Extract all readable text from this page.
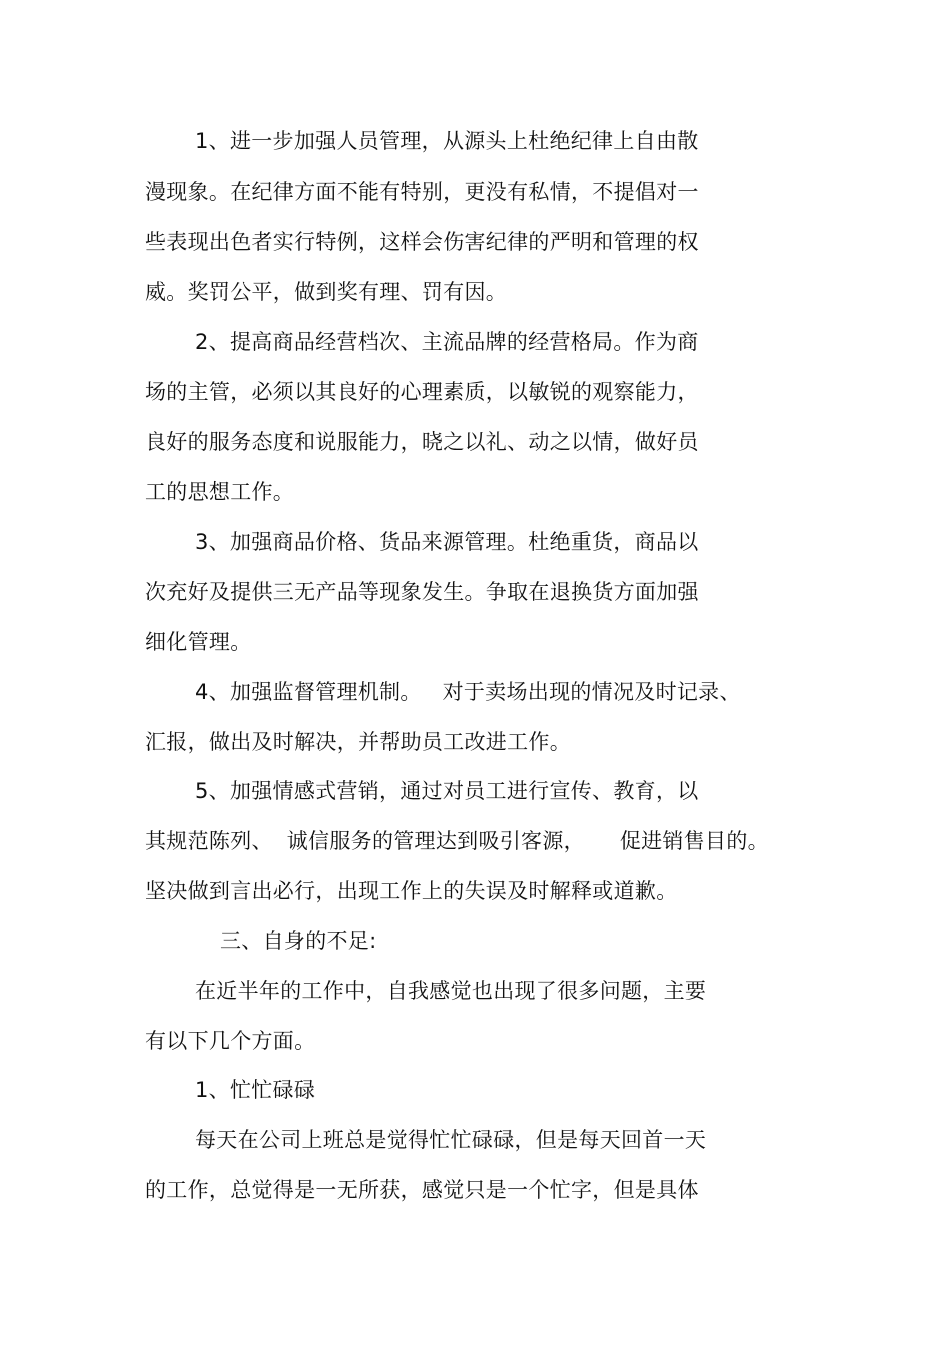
1、进一步加强人员管理，从源头上杜绝纪律上自由散
漫现象。在纪律方面不能有特别，更没有私情，不提倡对一
些表现出色者实行特例，这样会伤害纪律的严明和管理的权
威。奖罚公平，做到奖有理、罚有因。
2、提高商品经营档次、主流品牌的经营格局。作为商
场的主管，必须以其良好的心理素质，以敏锐的观察能力，
良好的服务态度和说服能力，晓之以礼、动之以情，做好员
工的思想工作。
3、加强商品价格、货品来源管理。杜绝重货，商品以
次充好及提供三无产品等现象发生。争取在退换货方面加强
细化管理。
4、加强监督管理机制。   对于卖场出现的情况及时记录、
汇报，做出及时解决，并帮助员工改进工作。
5、加强情感式营销，通过对员工进行宣传、教育，以
其规范陈列、  诚信服务的管理达到吸引客源，     促进销售目的。
坚决做到言出必行，出现工作上的失误及时解释或道歉。
三、自身的不足:
在近半年的工作中，自我感觉也出现了很多问题，主要
有以下几个方面。
1、忙忙碌碌
每天在公司上班总是觉得忙忙碌碌，但是每天回首一天
的工作，总觉得是一无所获，感觉只是一个忙字，但是具体
